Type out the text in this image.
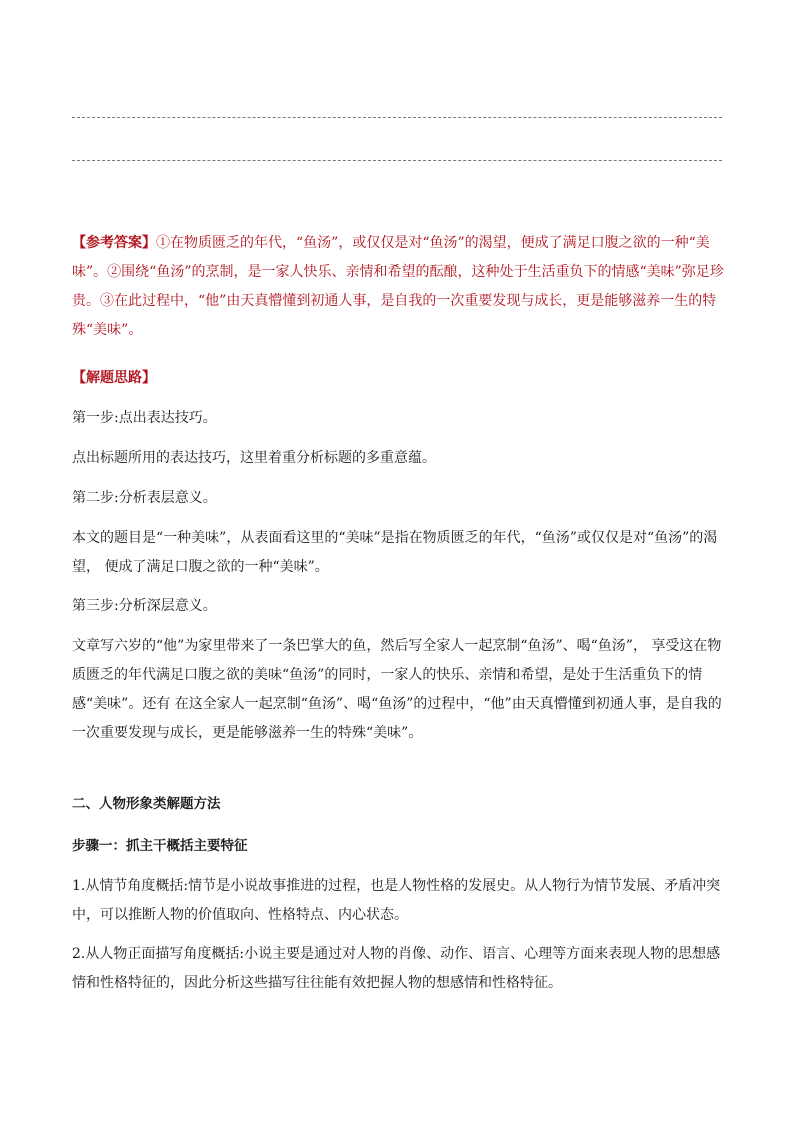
【参考答案】①在物质匮乏的年代，“鱼汤”，或仅仅是对“鱼汤”的渴望，便成了满足口腹之欲的一种“美味”。②围绕“鱼汤”的烹制，是一家人快乐、亲情和希望的酝酿，这种处于生活重负下的情感“美味”弥足珍贵。③在此过程中，“他”由天真懵懂到初通人事，是自我的一次重要发现与成长，更是能够滋养一生的特殊“美味”。
【解题思路】
第一步:点出表达技巧。
点出标题所用的表达技巧，这里着重分析标题的多重意蕴。
第二步:分析表层意义。
本文的题目是“一种美味”，从表面看这里的“美味”是指在物质匮乏的年代，“鱼汤”或仅仅是对“鱼汤”的渴望， 便成了满足口腹之欲的一种“美味”。
第三步:分析深层意义。
文章写六岁的“他”为家里带来了一条巴掌大的鱼，然后写全家人一起烹制“鱼汤”、喝“鱼汤”， 享受这在物质匮乏的年代满足口腹之欲的美味“鱼汤”的同时，一家人的快乐、亲情和希望，是处于生活重负下的情感“美味”。还有 在这全家人一起烹制“鱼汤”、喝“鱼汤”的过程中，“他”由天真懵懂到初通人事，是自我的一次重要发现与成长，更是能够滋养一生的特殊“美味”。
二、人物形象类解题方法
步骤一：抓主干概括主要特征
1.从情节角度概括:情节是小说故事推进的过程，也是人物性格的发展史。从人物行为情节发展、矛盾冲突中，可以推断人物的价值取向、性格特点、内心状态。
2.从人物正面描写角度概括:小说主要是通过对人物的肖像、动作、语言、心理等方面来表现人物的思想感情和性格特征的，因此分析这些描写往往能有效把握人物的想感情和性格特征。
